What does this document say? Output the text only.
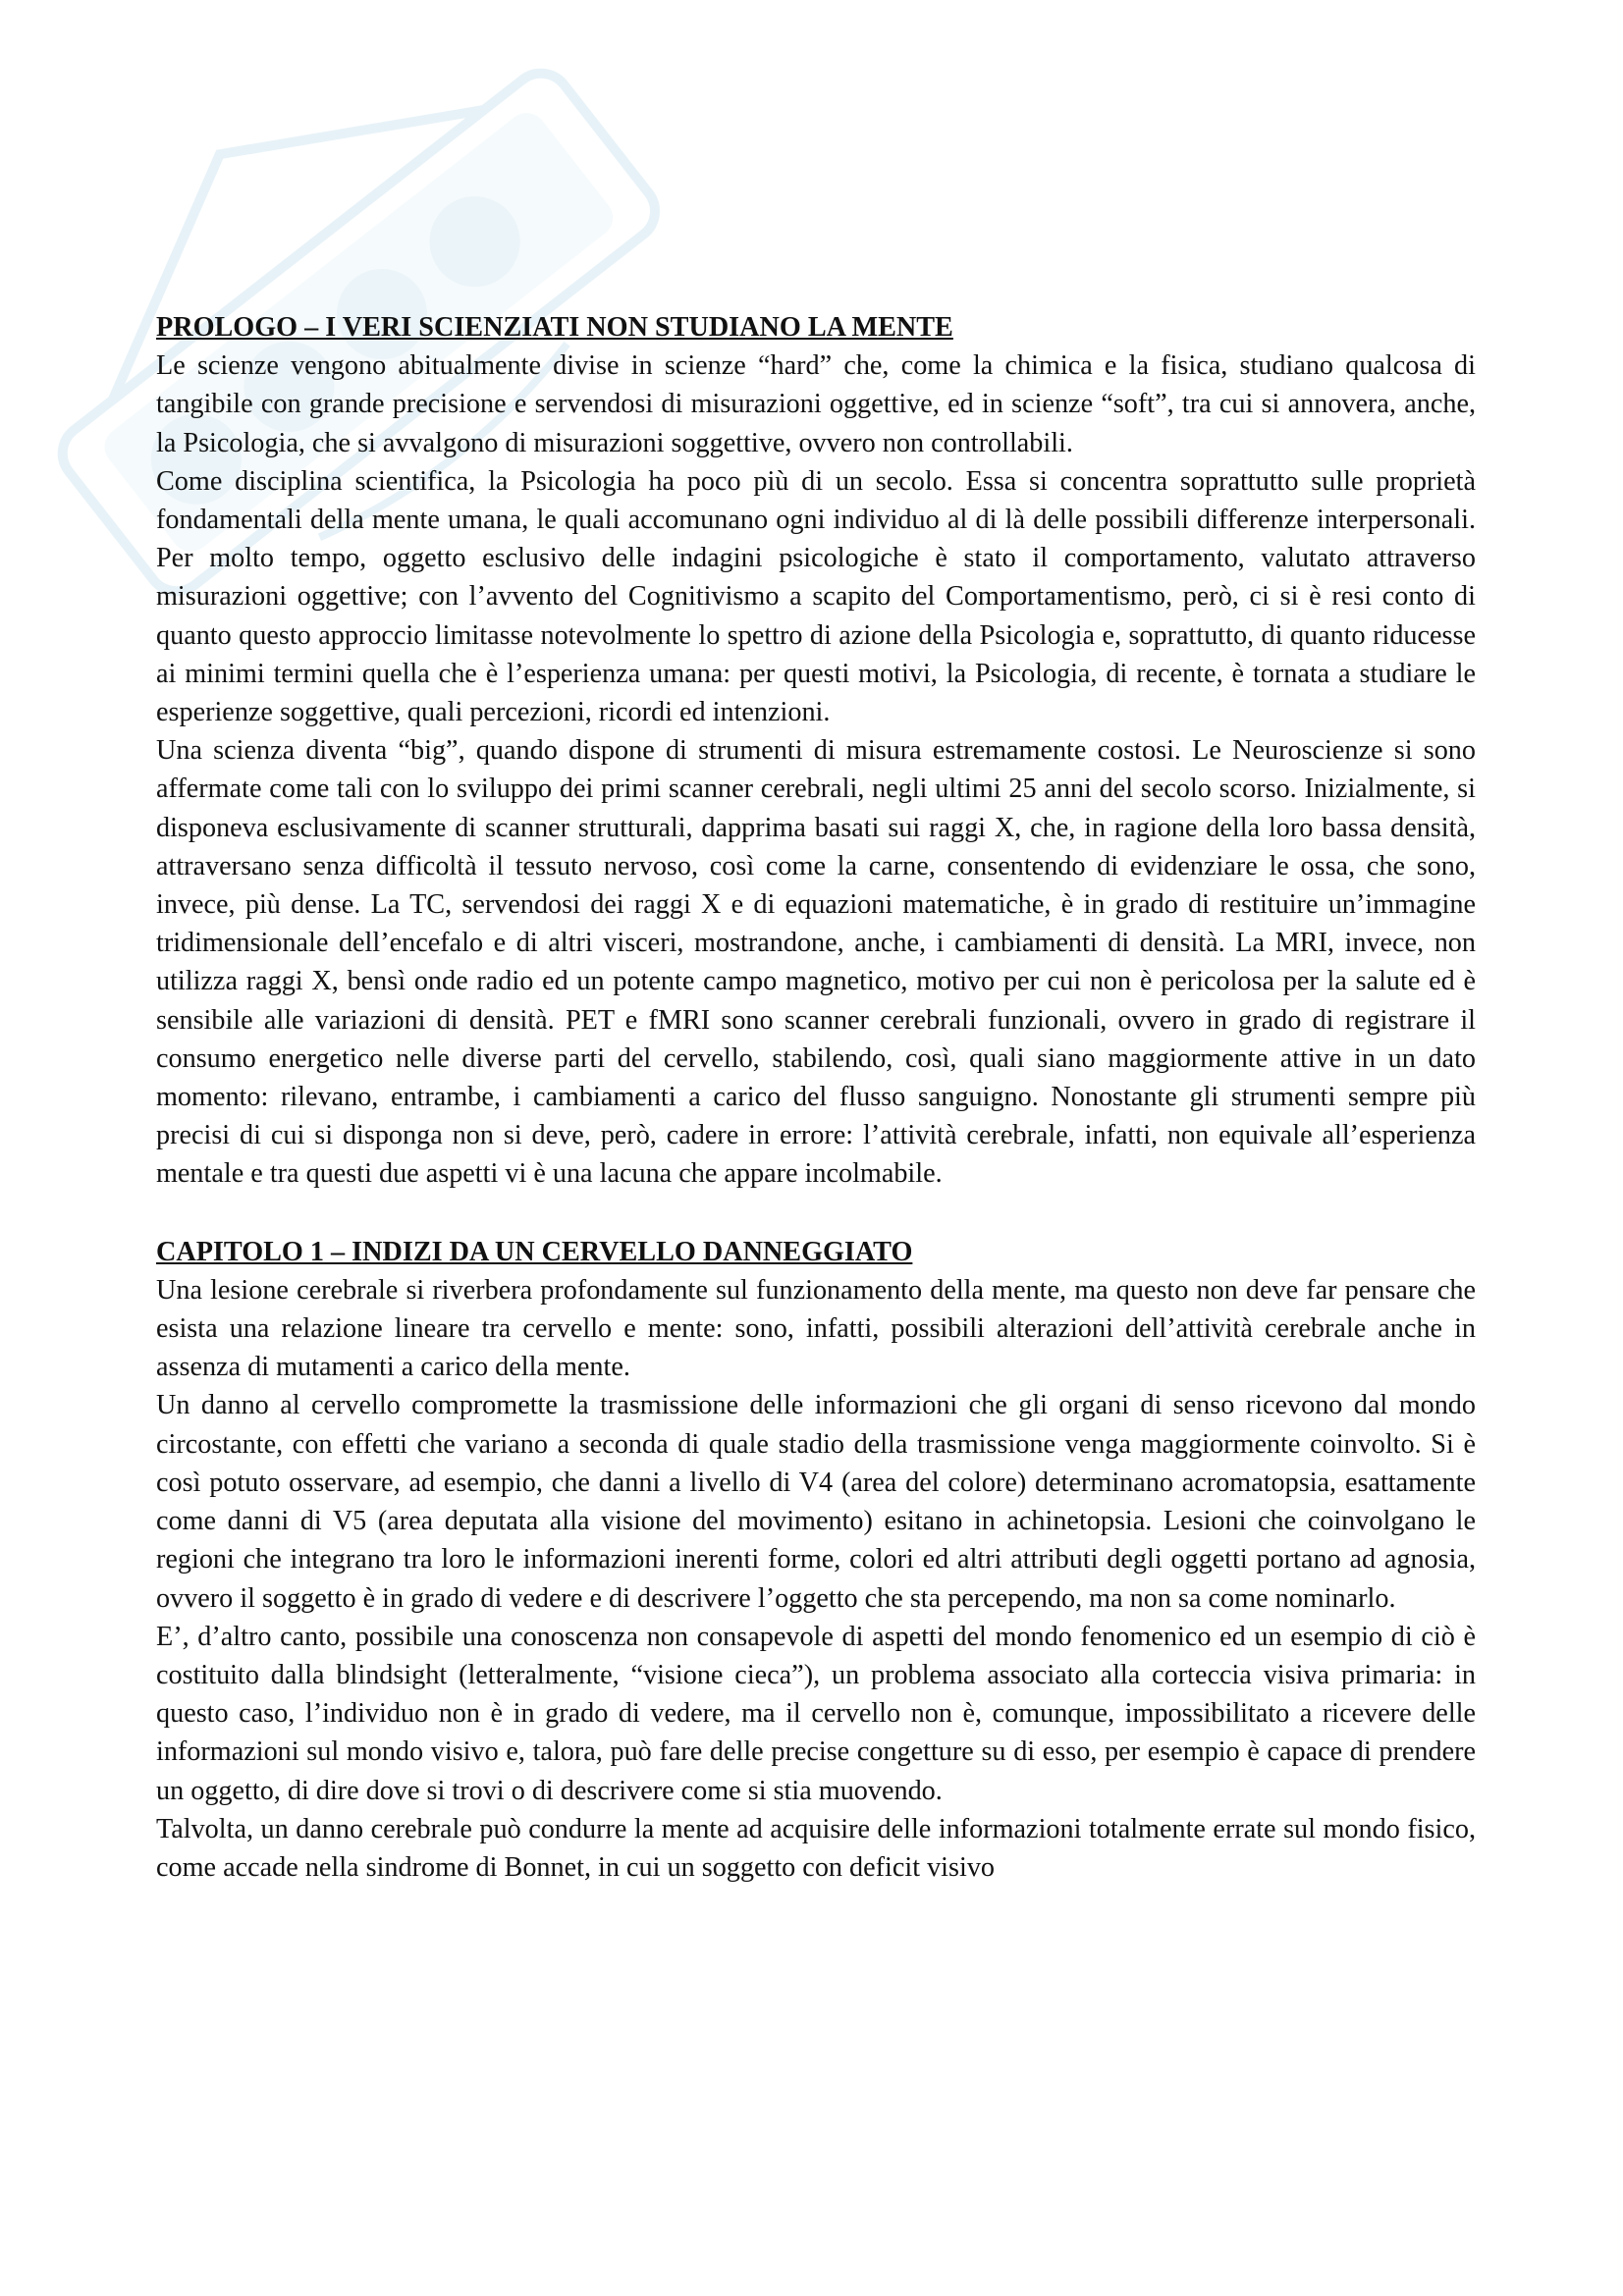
PROLOGO – I VERI SCIENZIATI NON STUDIANO LA MENTE

Le scienze vengono abitualmente divise in scienze “hard” che, come la chimica e la fisica, studiano qualcosa di tangibile con grande precisione e servendosi di misurazioni oggettive, ed in scienze “soft”, tra cui si annovera, anche, la Psicologia, che si avvalgono di misurazioni soggettive, ovvero non controllabili.

Come disciplina scientifica, la Psicologia ha poco più di un secolo. Essa si concentra soprattutto sulle proprietà fondamentali della mente umana, le quali accomunano ogni individuo al di là delle possibili differenze interpersonali. Per molto tempo, oggetto esclusivo delle indagini psicologiche è stato il comportamento, valutato attraverso misurazioni oggettive; con l’avvento del Cognitivismo a scapito del Comportamentismo, però, ci si è resi conto di quanto questo approccio limitasse notevolmente lo spettro di azione della Psicologia e, soprattutto, di quanto riducesse ai minimi termini quella che è l’esperienza umana: per questi motivi, la Psicologia, di recente, è tornata a studiare le esperienze soggettive, quali percezioni, ricordi ed intenzioni.

Una scienza diventa “big”, quando dispone di strumenti di misura estremamente costosi. Le Neuroscienze si sono affermate come tali con lo sviluppo dei primi scanner cerebrali, negli ultimi 25 anni del secolo scorso. Inizialmente, si disponeva esclusivamente di scanner strutturali, dapprima basati sui raggi X, che, in ragione della loro bassa densità, attraversano senza difficoltà il tessuto nervoso, così come la carne, consentendo di evidenziare le ossa, che sono, invece, più dense. La TC, servendosi dei raggi X e di equazioni matematiche, è in grado di restituire un’immagine tridimensionale dell’encefalo e di altri visceri, mostrandone, anche, i cambiamenti di densità. La MRI, invece, non utilizza raggi X, bensì onde radio ed un potente campo magnetico, motivo per cui non è pericolosa per la salute ed è sensibile alle variazioni di densità. PET e fMRI sono scanner cerebrali funzionali, ovvero in grado di registrare il consumo energetico nelle diverse parti del cervello, stabilendo, così, quali siano maggiormente attive in un dato momento: rilevano, entrambe, i cambiamenti a carico del flusso sanguigno. Nonostante gli strumenti sempre più precisi di cui si disponga non si deve, però, cadere in errore: l’attività cerebrale, infatti, non equivale all’esperienza mentale e tra questi due aspetti vi è una lacuna che appare incolmabile.

CAPITOLO 1 – INDIZI DA UN CERVELLO DANNEGGIATO

Una lesione cerebrale si riverbera profondamente sul funzionamento della mente, ma questo non deve far pensare che esista una relazione lineare tra cervello e mente: sono, infatti, possibili alterazioni dell’attività cerebrale anche in assenza di mutamenti a carico della mente.

Un danno al cervello compromette la trasmissione delle informazioni che gli organi di senso ricevono dal mondo circostante, con effetti che variano a seconda di quale stadio della trasmissione venga maggiormente coinvolto. Si è così potuto osservare, ad esempio, che danni a livello di V4 (area del colore) determinano acromatopsia, esattamente come danni di V5 (area deputata alla visione del movimento) esitano in achinetopsia. Lesioni che coinvolgano le regioni che integrano tra loro le informazioni inerenti forme, colori ed altri attributi degli oggetti portano ad agnosia, ovvero il soggetto è in grado di vedere e di descrivere l’oggetto che sta percependo, ma non sa come nominarlo.

E’, d’altro canto, possibile una conoscenza non consapevole di aspetti del mondo fenomenico ed un esempio di ciò è costituito dalla blindsight (letteralmente, “visione cieca”), un problema associato alla corteccia visiva primaria: in questo caso, l’individuo non è in grado di vedere, ma il cervello non è, comunque, impossibilitato a ricevere delle informazioni sul mondo visivo e, talora, può fare delle precise congetture su di esso, per esempio è capace di prendere un oggetto, di dire dove si trovi o di descrivere come si stia muovendo.

Talvolta, un danno cerebrale può condurre la mente ad acquisire delle informazioni totalmente errate sul mondo fisico, come accade nella sindrome di Bonnet, in cui un soggetto con deficit visivo
